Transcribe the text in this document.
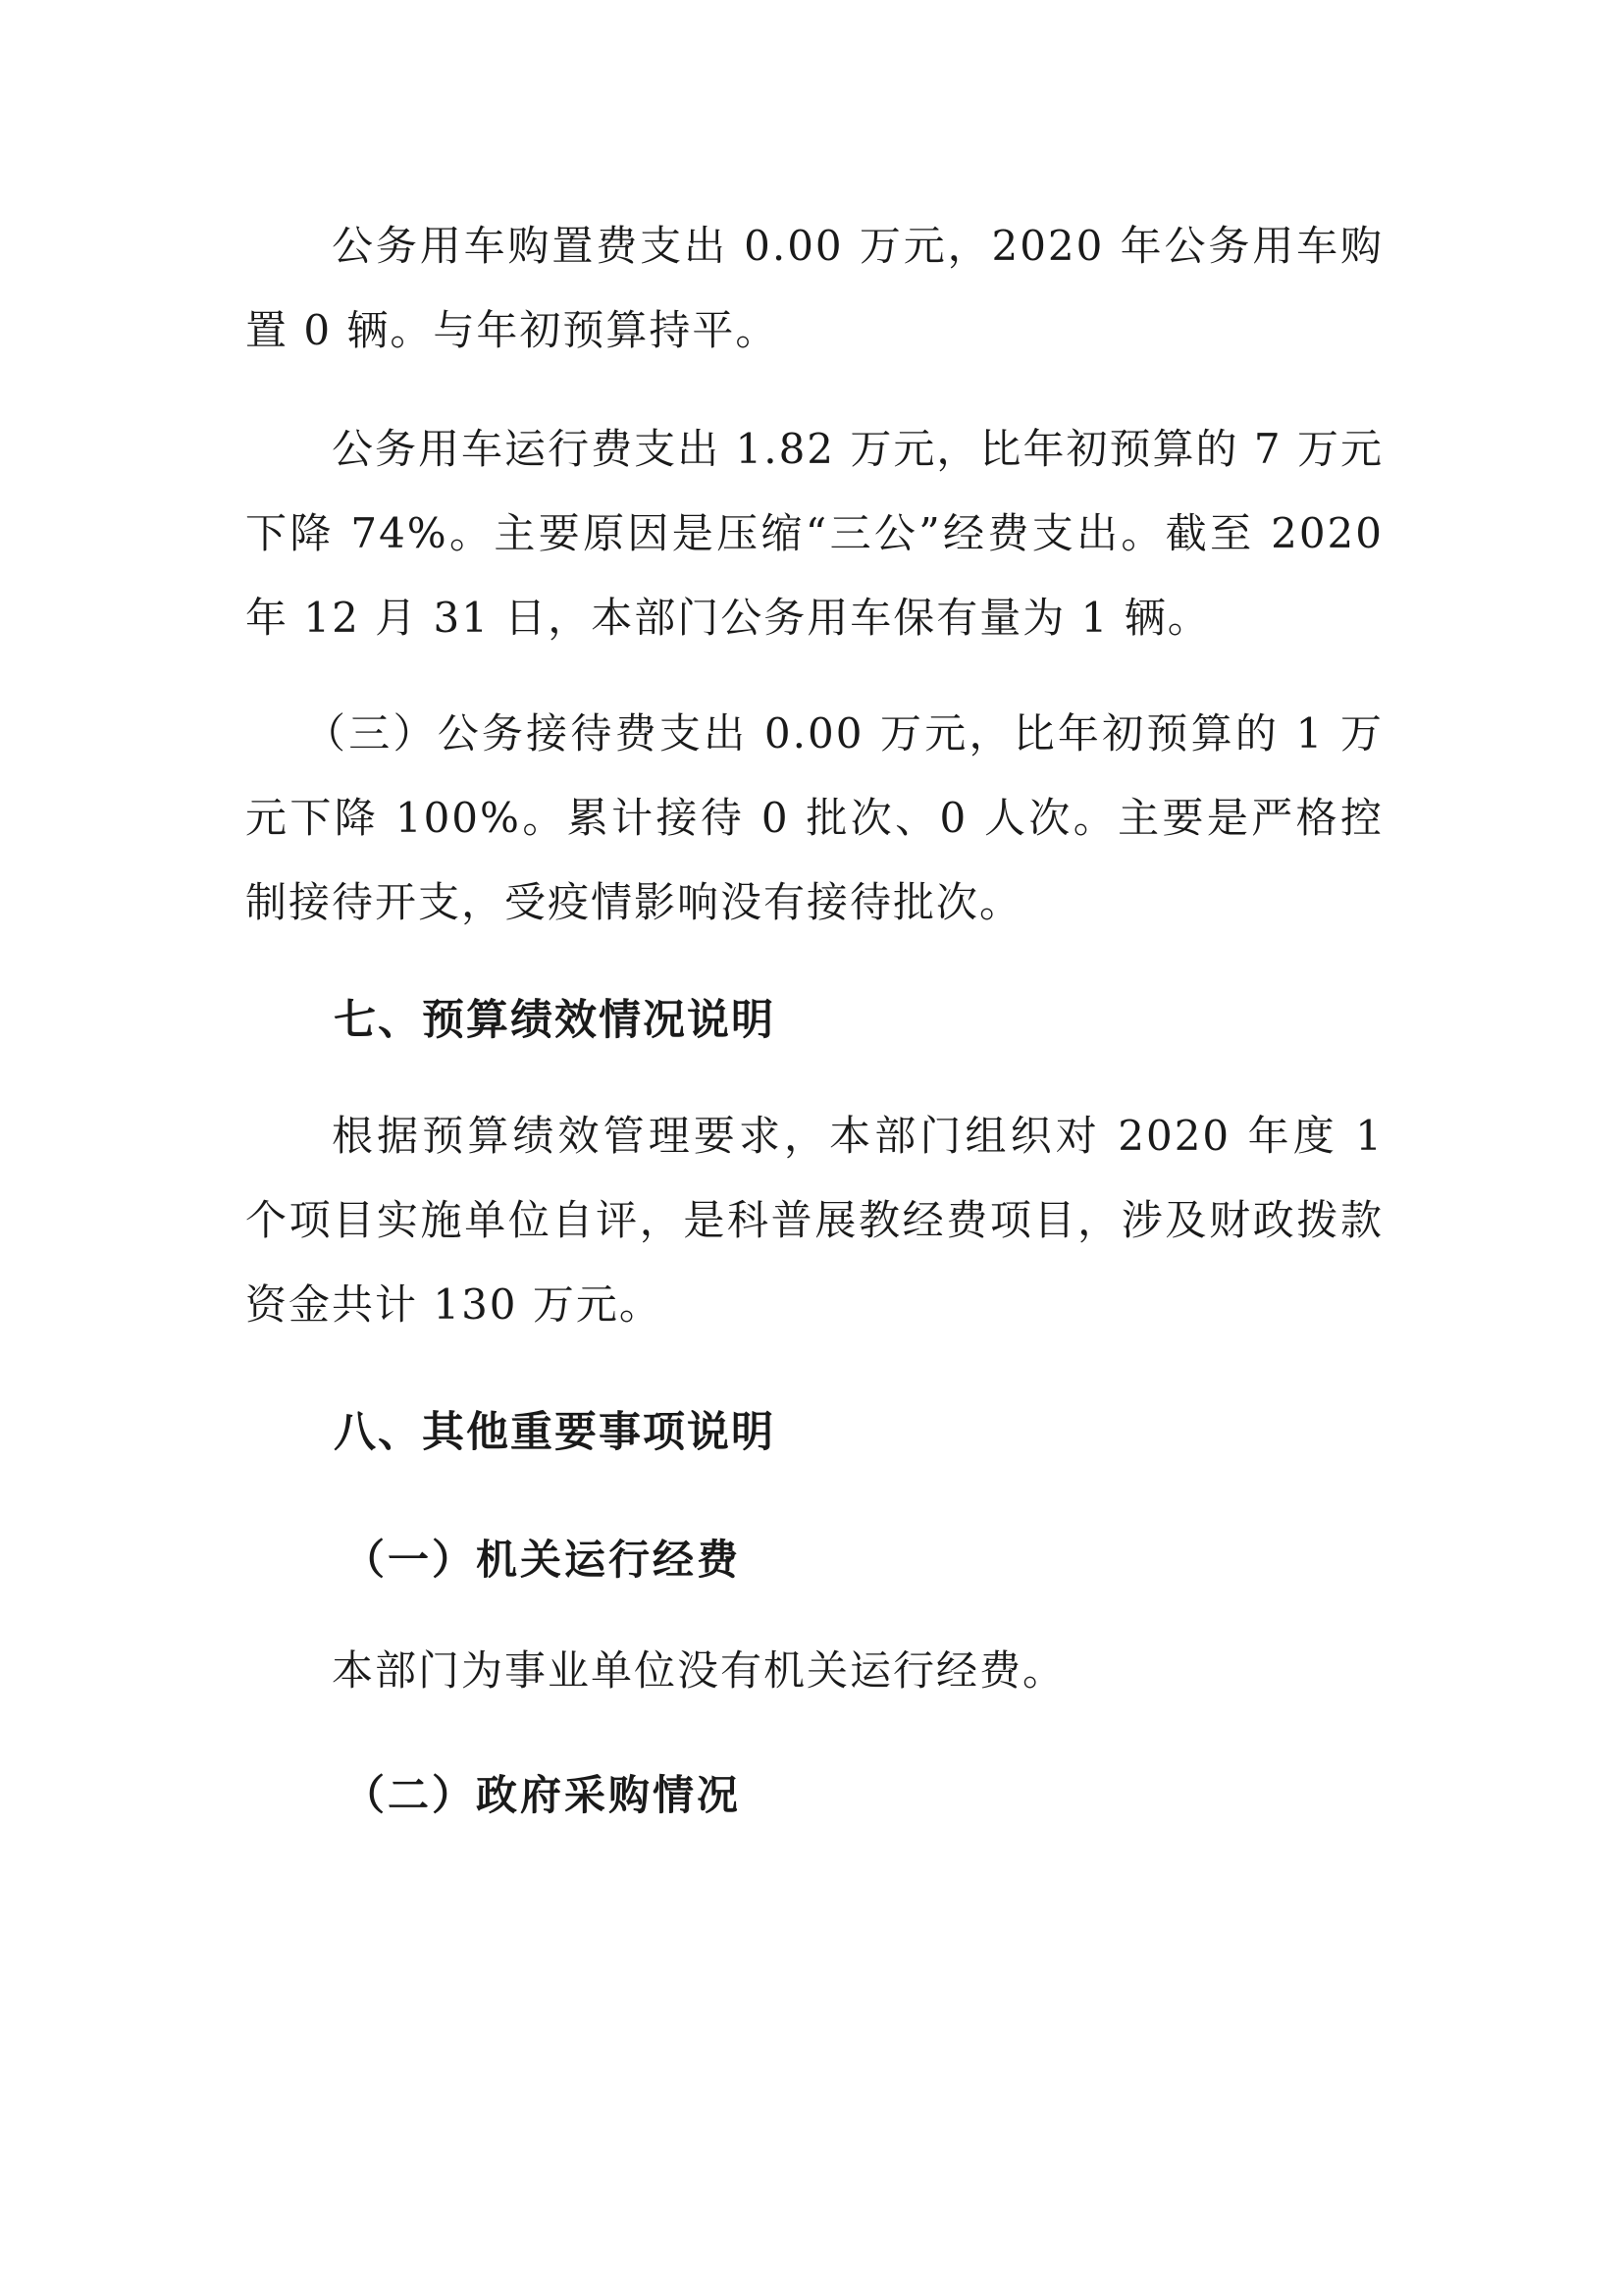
公务用车购置费支出 0.00 万元，2020 年公务用车购置 0 辆。与年初预算持平。

公务用车运行费支出 1.82 万元，比年初预算的 7 万元下降 74%。主要原因是压缩“三公”经费支出。截至 2020 年 12 月 31 日，本部门公务用车保有量为 1 辆。

（三）公务接待费支出 0.00 万元，比年初预算的 1 万元下降 100%。累计接待 0 批次、0 人次。主要是严格控制接待开支，受疫情影响没有接待批次。

七、预算绩效情况说明

根据预算绩效管理要求，本部门组织对 2020 年度 1 个项目实施单位自评，是科普展教经费项目，涉及财政拨款资金共计 130 万元。

八、其他重要事项说明
（一）机关运行经费

本部门为事业单位没有机关运行经费。

（二）政府采购情况
